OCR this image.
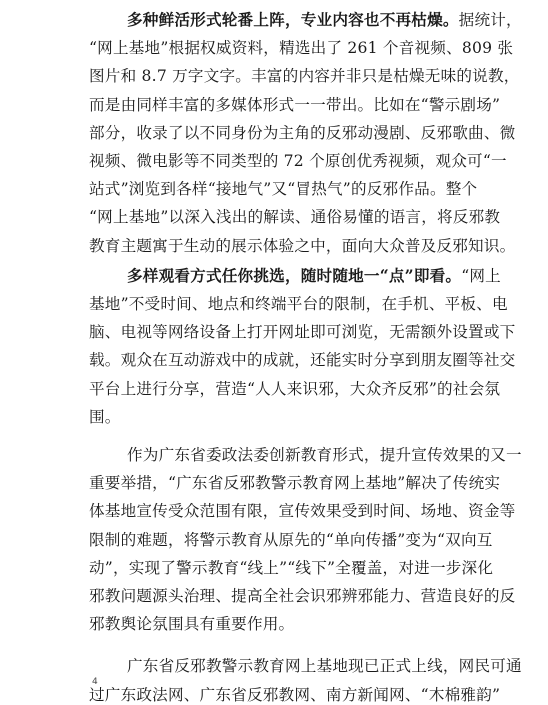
多种鲜活形式轮番上阵，专业内容也不再枯燥。据统计，
“网上基地”根据权威资料，精选出了 261 个音视频、809 张
图片和 8.7 万字文字。丰富的内容并非只是枯燥无味的说教，
而是由同样丰富的多媒体形式一一带出。比如在“警示剧场”
部分，收录了以不同身份为主角的反邪动漫剧、反邪歌曲、微
视频、微电影等不同类型的 72 个原创优秀视频，观众可“一
站式”浏览到各样“接地气”又“冒热气”的反邪作品。整个
“网上基地”以深入浅出的解读、通俗易懂的语言，将反邪教
教育主题寓于生动的展示体验之中，面向大众普及反邪知识。
多样观看方式任你挑选，随时随地一“点”即看。“网上
基地”不受时间、地点和终端平台的限制，在手机、平板、电
脑、电视等网络设备上打开网址即可浏览，无需额外设置或下
载。观众在互动游戏中的成就，还能实时分享到朋友圈等社交
平台上进行分享，营造“人人来识邪，大众齐反邪”的社会氛
围。
作为广东省委政法委创新教育形式，提升宣传效果的又一
重要举措，“广东省反邪教警示教育网上基地”解决了传统实
体基地宣传受众范围有限，宣传效果受到时间、场地、资金等
限制的难题，将警示教育从原先的“单向传播”变为“双向互
动”，实现了警示教育“线上”“线下”全覆盖，对进一步深化
邪教问题源头治理、提高全社会识邪辨邪能力、营造良好的反
邪教舆论氛围具有重要作用。
广东省反邪教警示教育网上基地现已正式上线，网民可通
过广东政法网、广东省反邪教网、南方新闻网、“木棉雅韵”
4
